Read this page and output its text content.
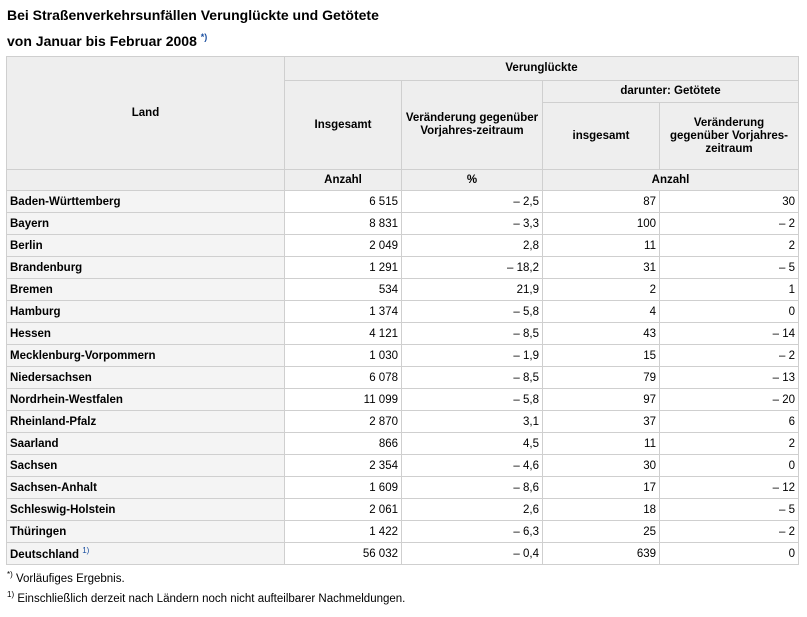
Bei Straßenverkehrsunfällen Verunglückte und Getötete
von Januar bis Februar 2008 *)
Land	Verunglückte			
	Insgesamt	Veränderung gegenüber Vorjahres-zeitraum	darunter: Getötete	
			insgesamt	Veränderung gegenüber Vorjahres-zeitraum
	Anzahl	%	Anzahl	
Baden-Württemberg	6 515	– 2,5	87	30
Bayern	8 831	– 3,3	100	– 2
Berlin	2 049	2,8	11	2
Brandenburg	1 291	– 18,2	31	– 5
Bremen	534	21,9	2	1
Hamburg	1 374	– 5,8	4	0
Hessen	4 121	– 8,5	43	– 14
Mecklenburg-Vorpommern	1 030	– 1,9	15	– 2
Niedersachsen	6 078	– 8,5	79	– 13
Nordrhein-Westfalen	11 099	– 5,8	97	– 20
Rheinland-Pfalz	2 870	3,1	37	6
Saarland	866	4,5	11	2
Sachsen	2 354	– 4,6	30	0
Sachsen-Anhalt	1 609	– 8,6	17	– 12
Schleswig-Holstein	2 061	2,6	18	– 5
Thüringen	1 422	– 6,3	25	– 2
Deutschland $^{1)}$	56 032	– 0,4	639	0
*) Vorläufiges Ergebnis.
$^{1)}$ Einschließlich derzeit nach Ländern noch nicht aufteilbarer Nachmeldungen.
